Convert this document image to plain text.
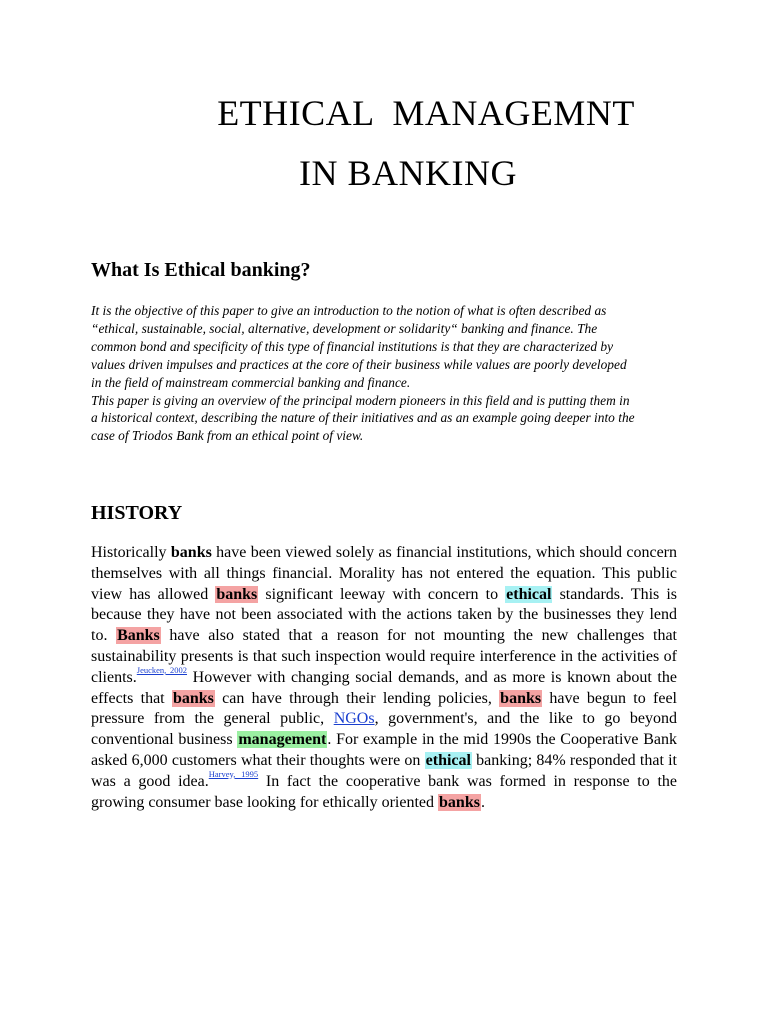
ETHICAL  MANAGEMNT
IN BANKING
What Is Ethical banking?

It is the objective of this paper to give an introduction to the notion of what is often described as “ethical, sustainable, social, alternative, development or solidarity“ banking and finance. The common bond and specificity of this type of financial institutions is that they are characterized by values driven impulses and practices at the core of their business while values are poorly developed in the field of mainstream commercial banking and finance.

This paper is giving an overview of the principal modern pioneers in this field and is putting them in a historical context, describing the nature of their initiatives and as an example going deeper into the case of Triodos Bank from an ethical point of view.

HISTORY

Historically banks have been viewed solely as financial institutions, which should concern themselves with all things financial. Morality has not entered the equation. This public view has allowed banks significant leeway with concern to ethical standards. This is because they have not been associated with the actions taken by the businesses they lend to. Banks have also stated that a reason for not mounting the new challenges that sustainability presents is that such inspection would require interference in the activities of clients.$^{Jeucken, 2002}$ However with changing social demands, and as more is known about the effects that banks can have through their lending policies, banks have begun to feel pressure from the general public, NGOs, government's, and the like to go beyond conventional business management. For example in the mid 1990s the Cooperative Bank asked 6,000 customers what their thoughts were on ethical banking; 84% responded that it was a good idea.$^{Harvey, 1995}$ In fact the cooperative bank was formed in response to the growing consumer base looking for ethically oriented banks.
